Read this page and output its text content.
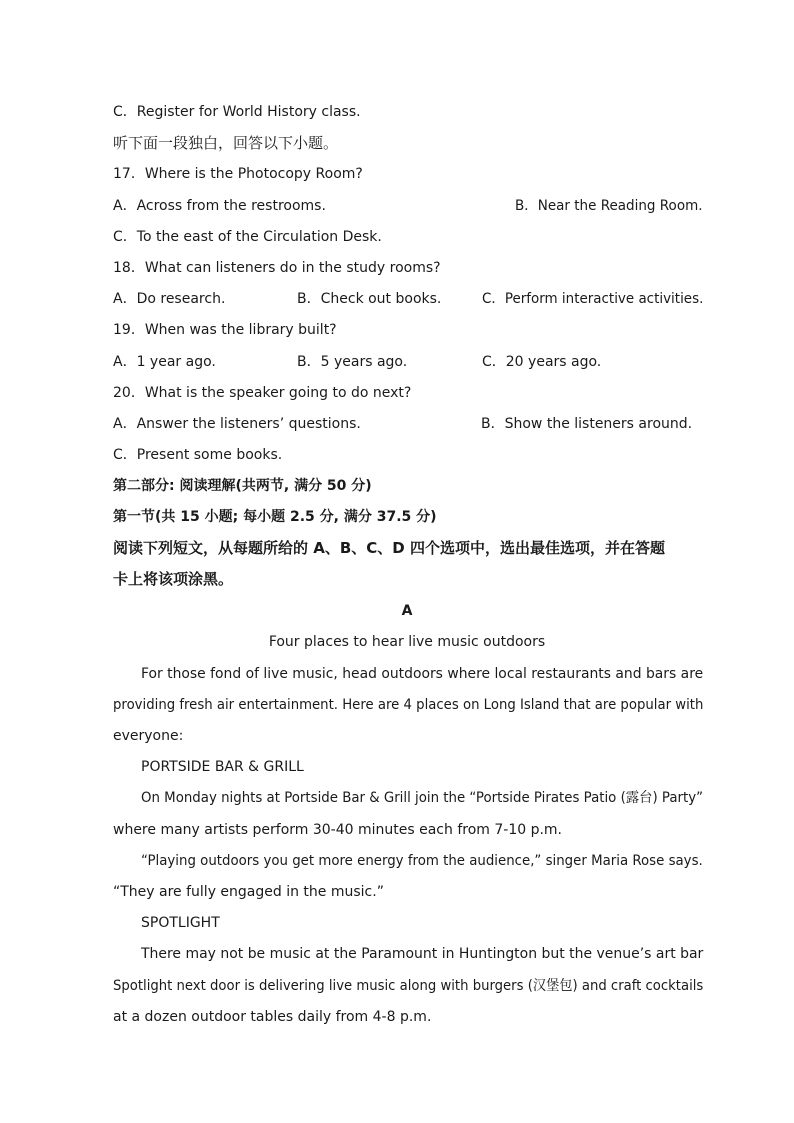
C．Register for World History class.
听下面一段独白，回答以下小题。
17．Where is the Photocopy Room?
A．Across from the restrooms.	B．Near the Reading Room.
C．To the east of the Circulation Desk.
18．What can listeners do in the study rooms?
A．Do research.	B．Check out books.	C．Perform interactive activities.
19．When was the library built?
A．1 year ago.	B．5 years ago.	C．20 years ago.
20．What is the speaker going to do next?
A．Answer the listeners’ questions.	B．Show the listeners around.
C．Present some books.
第二部分: 阅读理解(共两节, 满分 50 分)
第一节(共 15 小题; 每小题 2.5 分, 满分 37.5 分)
阅读下列短文，从每题所给的 A、B、C、D 四个选项中，选出最佳选项，并在答题
卡上将该项涂黑。
A
Four places to hear live music outdoors
For those fond of live music, head outdoors where local restaurants and bars are
providing fresh air entertainment. Here are 4 places on Long Island that are popular with
everyone:
PORTSIDE BAR & GRILL
On Monday nights at Portside Bar & Grill join the “Portside Pirates Patio (露台) Party”
where many artists perform 30-40 minutes each from 7-10 p.m.
“Playing outdoors you get more energy from the audience,” singer Maria Rose says.
“They are fully engaged in the music.”
SPOTLIGHT
There may not be music at the Paramount in Huntington but the venue’s art bar
Spotlight next door is delivering live music along with burgers (汉堡包) and craft cocktails
at a dozen outdoor tables daily from 4-8 p.m.
